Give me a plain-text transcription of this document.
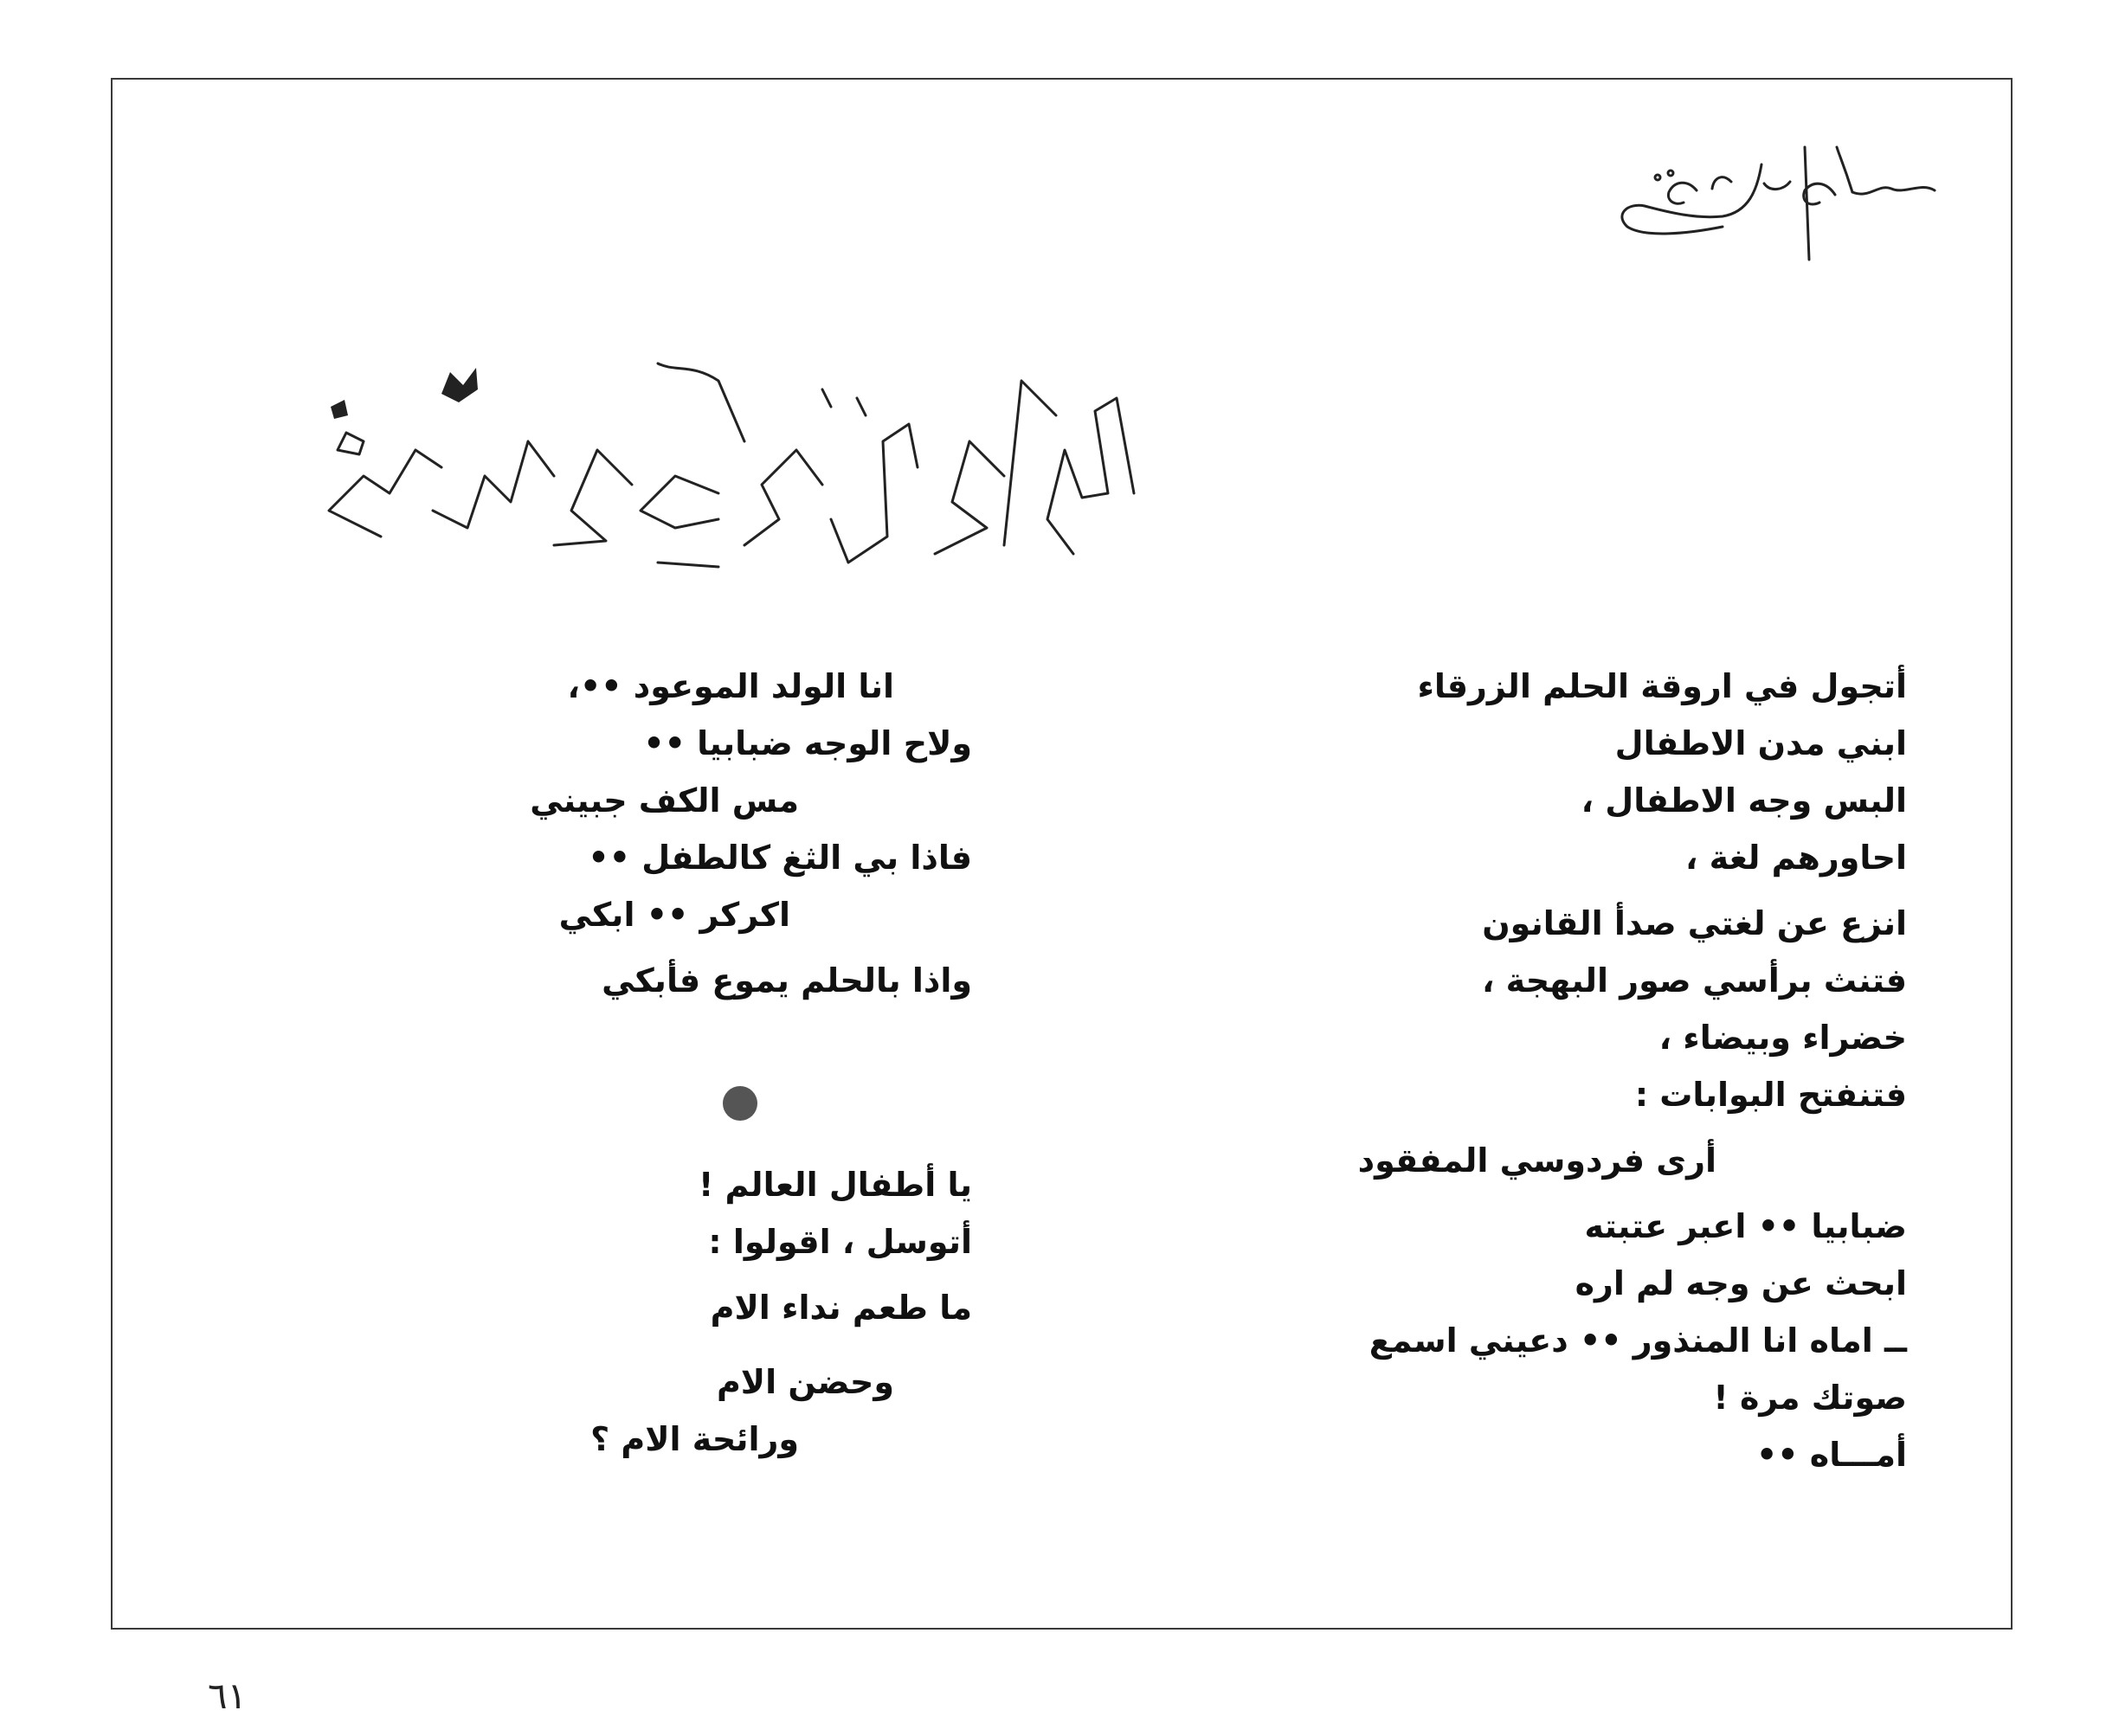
أتجول في اروقة الحلم الزرقاء
ابني مدن الاطفال
البس وجه الاطفال ،
احاورهم لغة ،
انزع عن لغتي صدأ القانون
فتنث برأسي صور البهجة ،
خضراء وبيضاء ،
فتنفتح البوابات :
أرى فردوسي المفقود
ضبابيا •• اعبر عتبته
ابحث عن وجه لم اره
ــ اماه انا المنذور •• دعيني اسمع
صوتك مرة !
أمـــاه ••
انا الولد الموعود ••،
ولاح الوجه ضبابيا ••
مس الكف جبيني
فاذا بي الثغ كالطفل ••
اكركر •• ابكي
واذا بالحلم يموع فأبكي
يا أطفال العالم !
أتوسل ، اقولوا :
ما طعم نداء الام
وحضن الام
ورائحة الام ؟
٦١
